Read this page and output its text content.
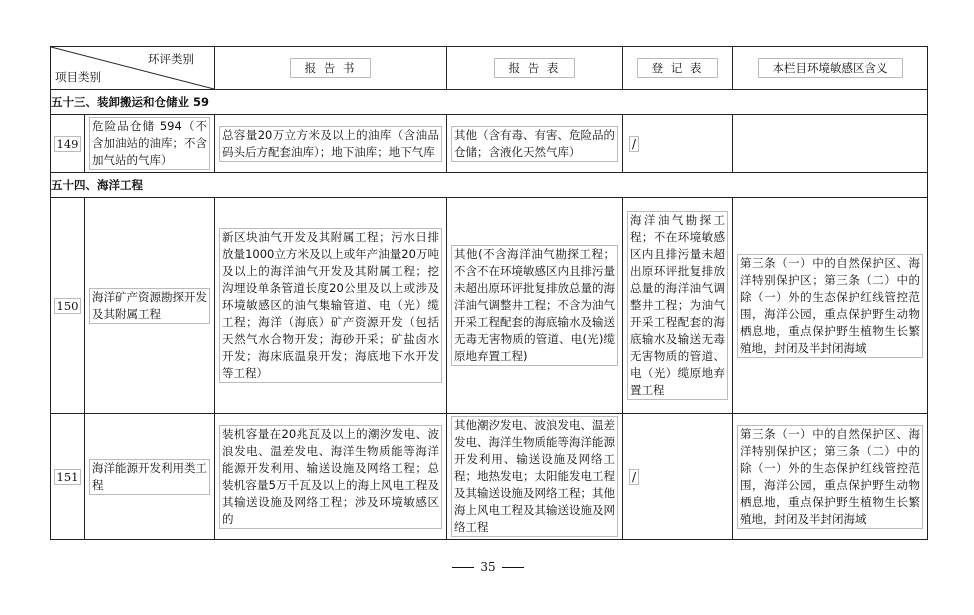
环评类别
项目类别		报 告 书	报 告 表	登 记 表	本栏目环境敏感区含义
五十三、装卸搬运和仓储业 59					
149	危险品仓储 594（不含加油站的油库；不含加气站的气库）	总容量20万立方米及以上的油库（含油品码头后方配套油库）；地下油库；地下气库	其他（含有毒、有害、危险品的仓储；含液化天然气库）	/	
五十四、海洋工程					
150	海洋矿产资源勘探开发及其附属工程	新区块油气开发及其附属工程；污水日排放量1000立方米及以上或年产油量20万吨及以上的海洋油气开发及其附属工程；挖沟埋设单条管道长度20公里及以上或涉及环境敏感区的油气集输管道、电（光）缆工程；海洋（海底）矿产资源开发（包括天然气水合物开发；海砂开采；矿盐卤水开发；海床底温泉开发；海底地下水开发等工程）	其他(不含海洋油气勘探工程；不含不在环境敏感区内且排污量未超出原环评批复排放总量的海洋油气调整井工程；不含为油气开采工程配套的海底输水及输送无毒无害物质的管道、电(光)缆原地弃置工程)	海洋油气勘探工程；不在环境敏感区内且排污量未超出原环评批复排放总量的海洋油气调整井工程；为油气开采工程配套的海底输水及输送无毒无害物质的管道、电（光）缆原地弃置工程	第三条（一）中的自然保护区、海洋特别保护区；第三条（二）中的除（一）外的生态保护红线管控范围，海洋公园，重点保护野生动物栖息地，重点保护野生植物生长繁殖地，封闭及半封闭海域

151	海洋能源开发利用类工程	装机容量在20兆瓦及以上的潮汐发电、波浪发电、温差发电、海洋生物质能等海洋能源开发利用、输送设施及网络工程；总装机容量5万千瓦及以上的海上风电工程及其输送设施及网络工程；涉及环境敏感区的	其他潮汐发电、波浪发电、温差发电、海洋生物质能等海洋能源开发利用、输送设施及网络工程；地热发电；太阳能发电工程及其输送设施及网络工程；其他海上风电工程及其输送设施及网络工程	/	第三条（一）中的自然保护区、海洋特别保护区；第三条（二）中的除（一）外的生态保护红线管控范围，海洋公园，重点保护野生动物栖息地，重点保护野生植物生长繁殖地，封闭及半封闭海域
35
